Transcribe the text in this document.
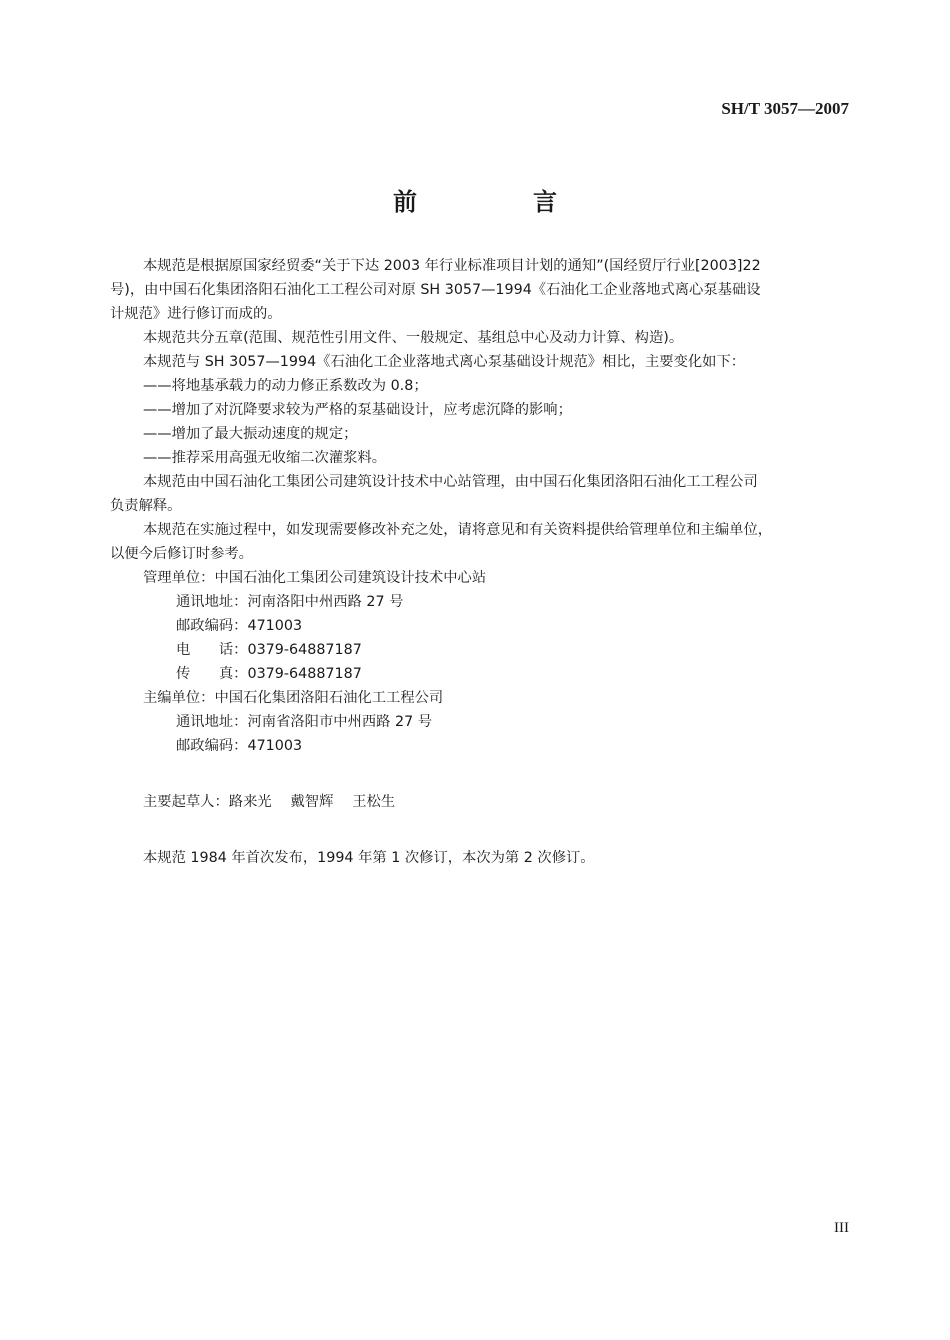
SH/T 3057—2007
前　言

本规范是根据原国家经贸委“关于下达 2003 年行业标准项目计划的通知”(国经贸厅行业[2003]22

号)，由中国石化集团洛阳石油化工工程公司对原 SH 3057—1994《石油化工企业落地式离心泵基础设

计规范》进行修订而成的。

本规范共分五章(范围、规范性引用文件、一般规定、基组总中心及动力计算、构造)。

本规范与 SH 3057—1994《石油化工企业落地式离心泵基础设计规范》相比，主要变化如下：

——将地基承载力的动力修正系数改为 0.8；

——增加了对沉降要求较为严格的泵基础设计，应考虑沉降的影响；

——增加了最大振动速度的规定；

——推荐采用高强无收缩二次灌浆料。

本规范由中国石油化工集团公司建筑设计技术中心站管理，由中国石化集团洛阳石油化工工程公司

负责解释。

本规范在实施过程中，如发现需要修改补充之处，请将意见和有关资料提供给管理单位和主编单位，

以便今后修订时参考。

管理单位：中国石油化工集团公司建筑设计技术中心站

通讯地址：河南洛阳中州西路 27 号

邮政编码：471003

电　　话：0379-64887187

传　　真：0379-64887187

主编单位：中国石化集团洛阳石油化工工程公司

通讯地址：河南省洛阳市中州西路 27 号

邮政编码：471003

主要起草人：路来光　 戴智辉　 王松生

本规范 1984 年首次发布，1994 年第 1 次修订，本次为第 2 次修订。

III
